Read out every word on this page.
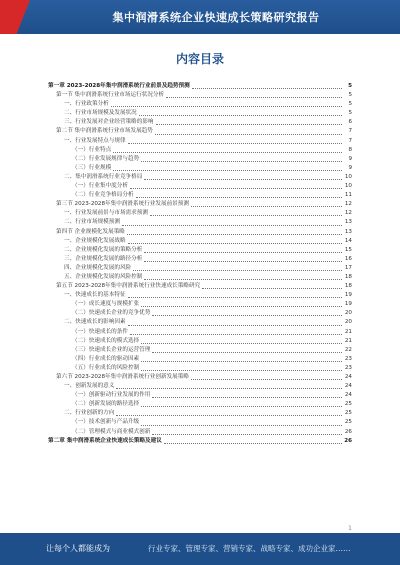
集中润滑系统企业快速成长策略研究报告
内容目录
第一章 2023-2028年集中润滑系统行业前景及趋势预测	5
第一节 集中润滑系统行业市场运行状况分析	5
一、行业政策分析	5
二、行业市场规模及发展状况	5
三、行业发展对企业经营策略的影响	6
第二节 集中润滑系统行业市场发展趋势	7
一、行业发展特点与规律	7
（一）行业特点	8
（二）行业发展规律与趋势	9
（三）行业规模	9
二、集中润滑系统行业竞争格局	10
（一）行业集中度分析	10
（二）行业竞争格局分析	11
第三节 2023-2028年集中润滑系统行业发展前景预测	12
一、行业发展前景与市场需求预测	12
二、行业市场规模预测	13
第四节 企业规模化发展策略	13
一、企业规模化发展战略	14
二、企业规模化发展的策略分析	15
三、企业规模化发展的路径分析	16
四、企业规模化发展的风险	17
五、企业规模化发展的风险控制	18
第五节 2023-2028年集中润滑系统行业快速成长策略研究	18
一、快速成长的基本特征	19
（一）成长速度与规模扩张	19
（二）快速成长企业的竞争优势	20
二、快速成长的影响因素	20
（一）快速成长的条件	21
（二）快速成长的模式选择	21
（三）快速成长企业的运营管理	22
（四）行业成长的驱动因素	23
（五）行业成长的风险控制	23
第六节 2023-2028年集中润滑系统行业创新发展策略	24
一、创新发展的意义	24
（一）创新驱动行业发展的作用	24
（二）创新发展的路径选择	25
二、行业创新的方向	25
（一）技术创新与产品升级	25
（二）管理模式与商业模式创新	26
第二章 集中润滑系统企业快速成长策略及建议	26
1
让每个人都能成为	行业专家、管理专家、营销专家、战略专家、成功企业家……
